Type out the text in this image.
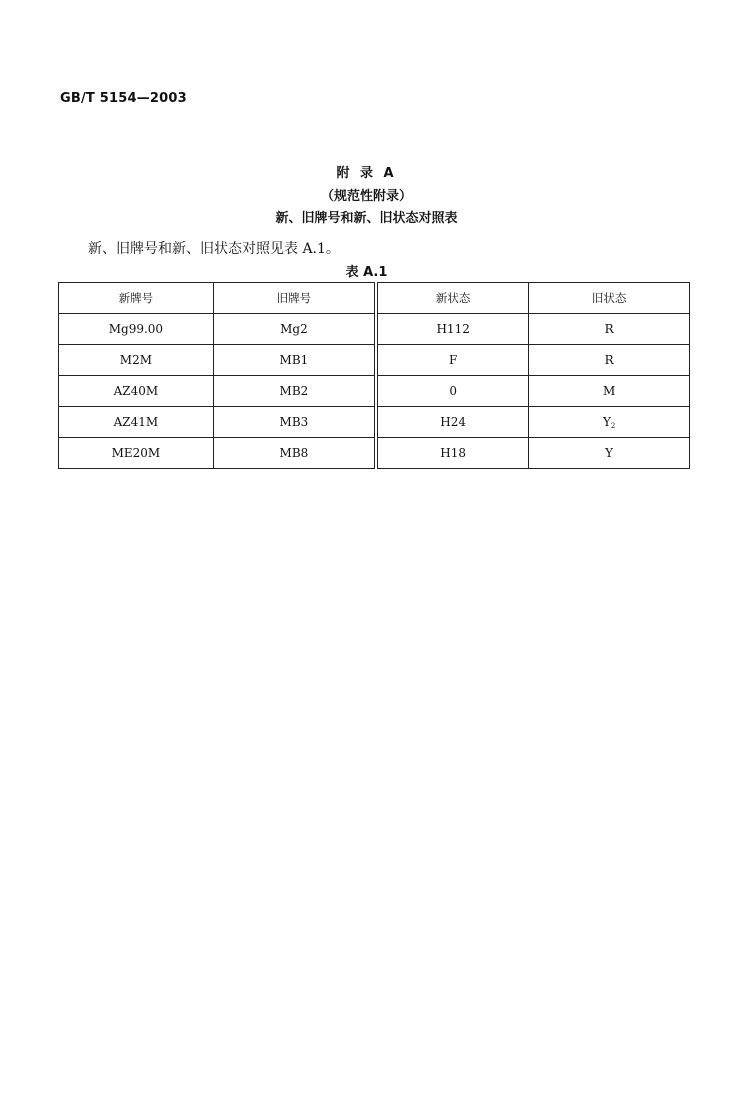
GB/T 5154—2003
附 录 A
（规范性附录）
新、旧牌号和新、旧状态对照表
新、旧牌号和新、旧状态对照见表 A.1。
表 A.1
新牌号	旧牌号	新状态	旧状态
Mg99.00	Mg2	H112	R
M2M	MB1	F	R
AZ40M	MB2	0	M
AZ41M	MB3	H24	$Y_2$
ME20M	MB8	H18	Y
